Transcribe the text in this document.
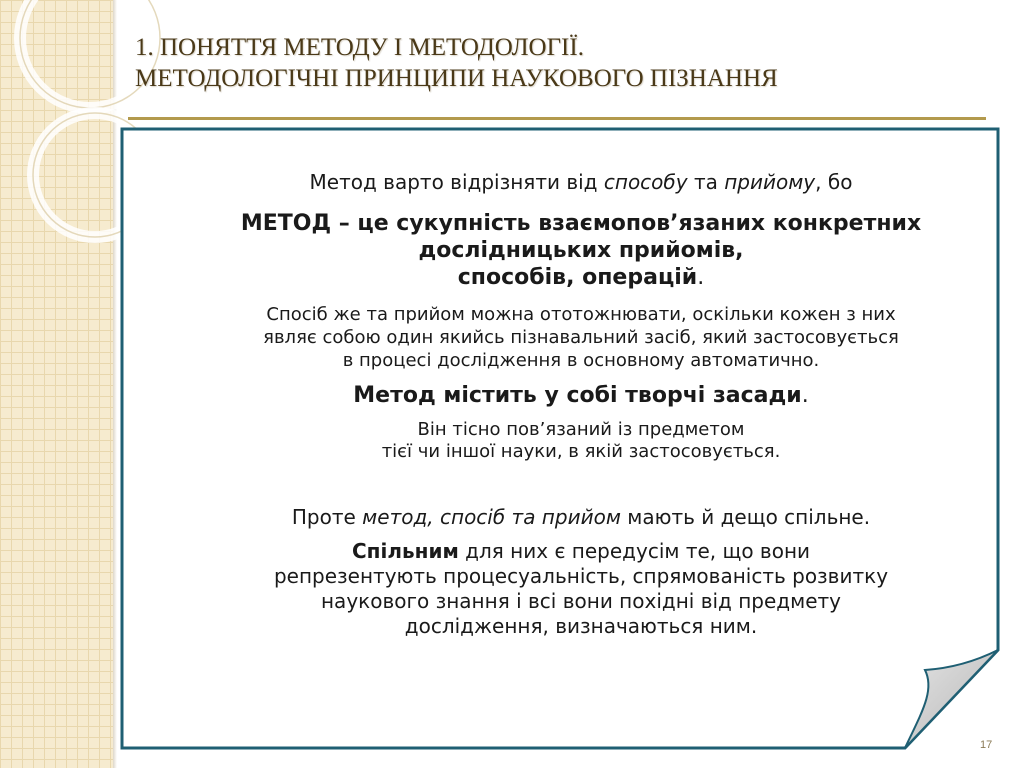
1. ПОНЯТТЯ МЕТОДУ І МЕТОДОЛОГІЇ.
МЕТОДОЛОГІЧНІ ПРИНЦИПИ НАУКОВОГО ПІЗНАННЯ

Метод варто відрізняти від способу та прийому, бо

МЕТОД – це сукупність взаємопов’язаних конкретних
дослідницьких прийомів,
способів, операцій.

Спосіб же та прийом можна ототожнювати, оскільки кожен з них
являє собою один якийсь пізнавальний засіб, який застосовується
в процесі дослідження в основному автоматично.

Метод містить у собі творчі засади.

Він тісно пов’язаний із предметом
тієї чи іншої науки, в якій застосовується.

Проте метод, спосіб та прийом мають й дещо спільне.

Спільним для них є передусім те, що вони
репрезентують процесуальність, спрямованість розвитку
наукового знання і всі вони похідні від предмету
дослідження, визначаються ним.

17
